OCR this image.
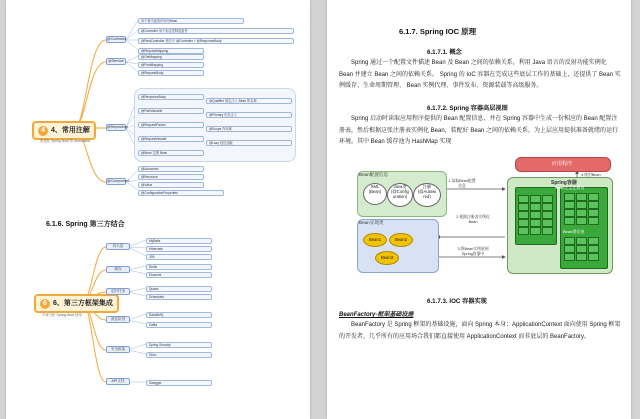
4 4、常用注解
用途化 Spring Boot 的 Annotation
@Controller
@Service
@Repository
@Component
用于将当前类识别为Bean
@Controller 用于标注控制层组件
@RestController 相当于 @Controller + @ResponseBody
@RequestMapping
@GetMapping
@PostMapping
@RequestBody
@ResponseBody
@PathVariable
@RequestParam
@RequestHeader
@Qualifier 指定注入 Bean 的名称
@Primary 优先注入
@Scope 作用域
@Lazy 延迟加载
@Bean 注册 Bean
@Autowired
@Resource
@Value
@ConfigurationProperties
6.1.6. Spring 第三方结合
6 6、第三方框架集成
方案分析 Spring Boot 使用
持久层
缓存
定时任务
消息队列
安全框架
API文档
MyBatis
Hibernate
JPA
Redis
Ehcache
Quartz
Scheduled
RabbitMQ
Kafka
Spring Security
Shiro
Swagger
6.1.7. Spring IOC 原理
6.1.7.1. 概念
Spring 通过一个配置文件描述 Bean 及 Bean 之间的依赖关系，利用 Java 语言的反射功能实例化 Bean 并建立 Bean 之间的依赖关系。 Spring 的 IoC 容器在完成这些底层工作的基础上，还提供了 Bean 实例缓存、生命周期管理、 Bean 实例代理、事件发布、资源装载等高级服务。
6.1.7.2. Spring 容器高层视图
Spring 启动时读取应用程序提供的 Bean 配置信息，并在 Spring 容器中生成一份相应的 Bean 配置注册表，然后根据这张注册表实例化 Bean，装配好 Bean 之间的依赖关系，为上层应用提供准备就绪的运行环境。其中 Bean 缓存池为 HashMap 实现
应用程序
Bean配置信息
XML
(Bean)
Java类
(@Config
uration)
注解
(@Autowi
red)
1.读取Bean配置信息	Spring容器
Bean定义注册表
Bean缓存池
4.使用Bean
Bean实现类
Bean1	Bean2
Bean3
2.根据注册表实例化Bean
3.将Bean实例放到Spring容器中
6.1.7.3. IOC 容器实现
BeanFactory-框架基础设施
BeanFactory 是 Spring 框架的基础设施，面向 Spring 本身；ApplicationContext 面向使用 Spring 框架的开发者，几乎所有的应用场合我们都直接使用 ApplicationContext 而非底层的 BeanFactory。
